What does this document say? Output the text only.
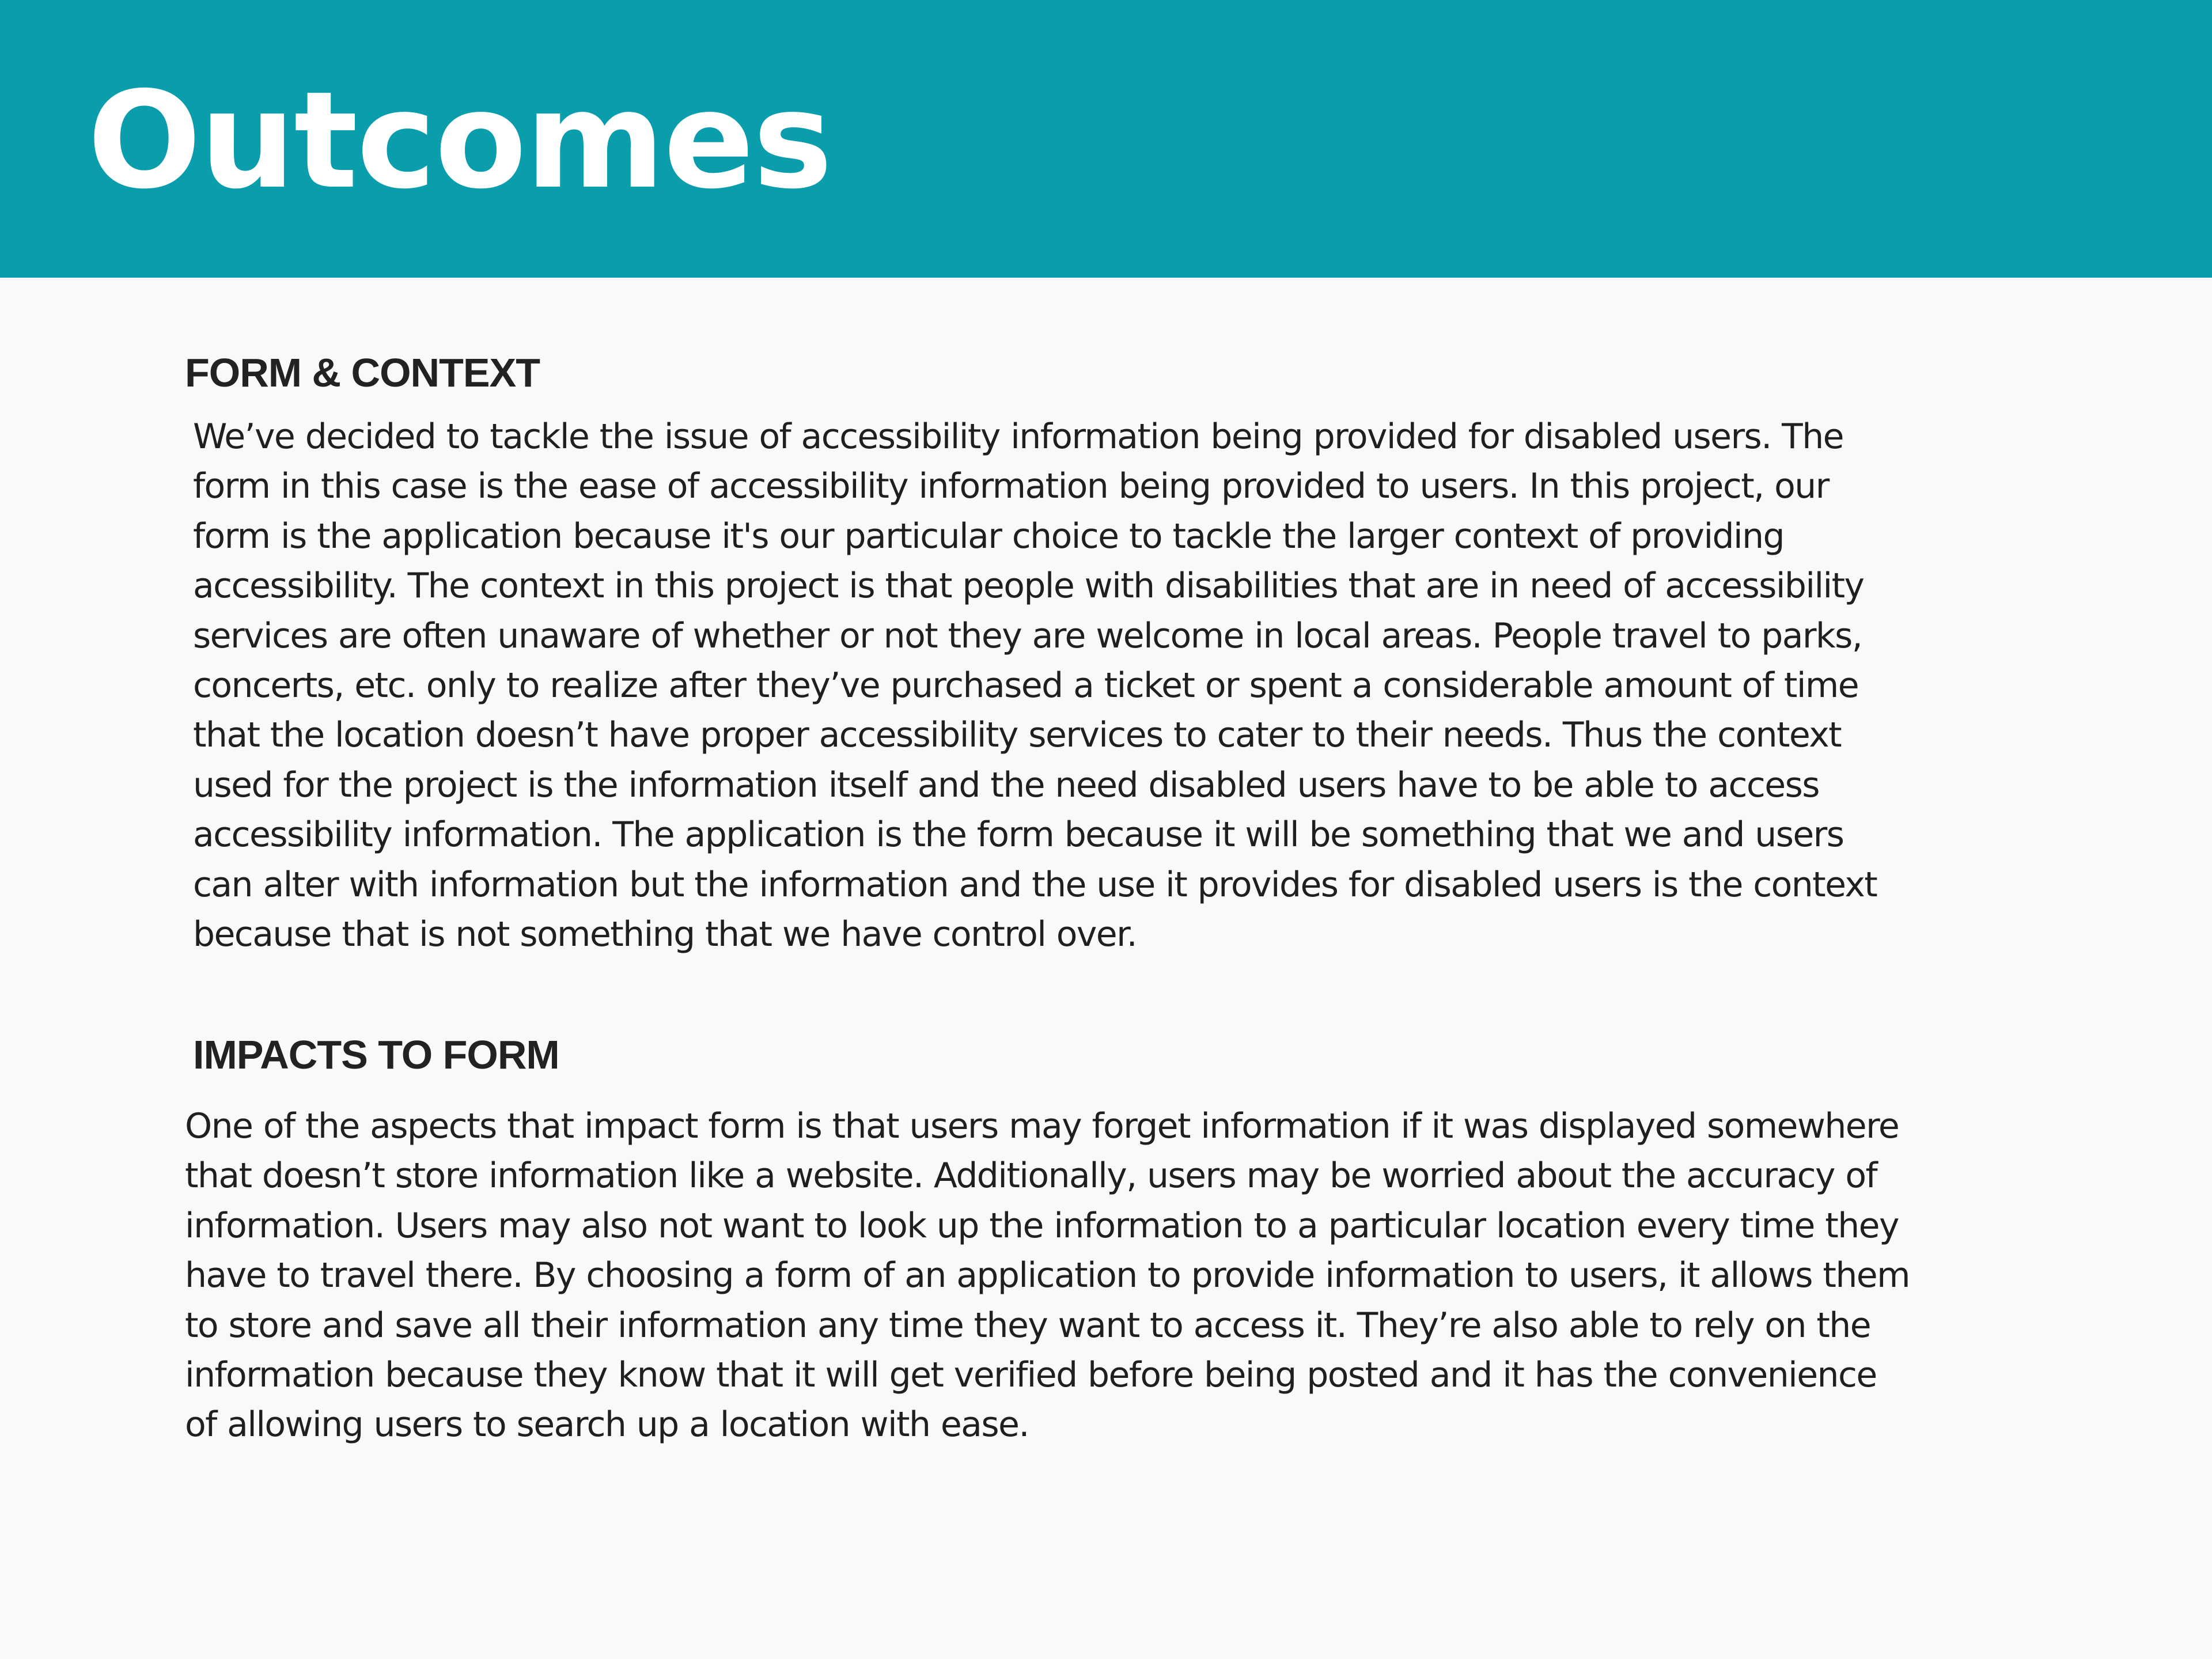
Outcomes
FORM & CONTEXT
We’ve decided to tackle the issue of accessibility information being provided for disabled users. The
form in this case is the ease of accessibility information being provided to users. In this project, our
form is the application because it's our particular choice to tackle the larger context of providing
accessibility. The context in this project is that people with disabilities that are in need of accessibility
services are often unaware of whether or not they are welcome in local areas. People travel to parks,
concerts, etc. only to realize after they’ve purchased a ticket or spent a considerable amount of time
that the location doesn’t have proper accessibility services to cater to their needs. Thus the context
used for the project is the information itself and the need disabled users have to be able to access
accessibility information. The application is the form because it will be something that we and users
can alter with information but the information and the use it provides for disabled users is the context
because that is not something that we have control over.
IMPACTS TO FORM
One of the aspects that impact form is that users may forget information if it was displayed somewhere
that doesn’t store information like a website. Additionally, users may be worried about the accuracy of
information. Users may also not want to look up the information to a particular location every time they
have to travel there. By choosing a form of an application to provide information to users, it allows them
to store and save all their information any time they want to access it. They’re also able to rely on the
information because they know that it will get verified before being posted and it has the convenience
of allowing users to search up a location with ease.
